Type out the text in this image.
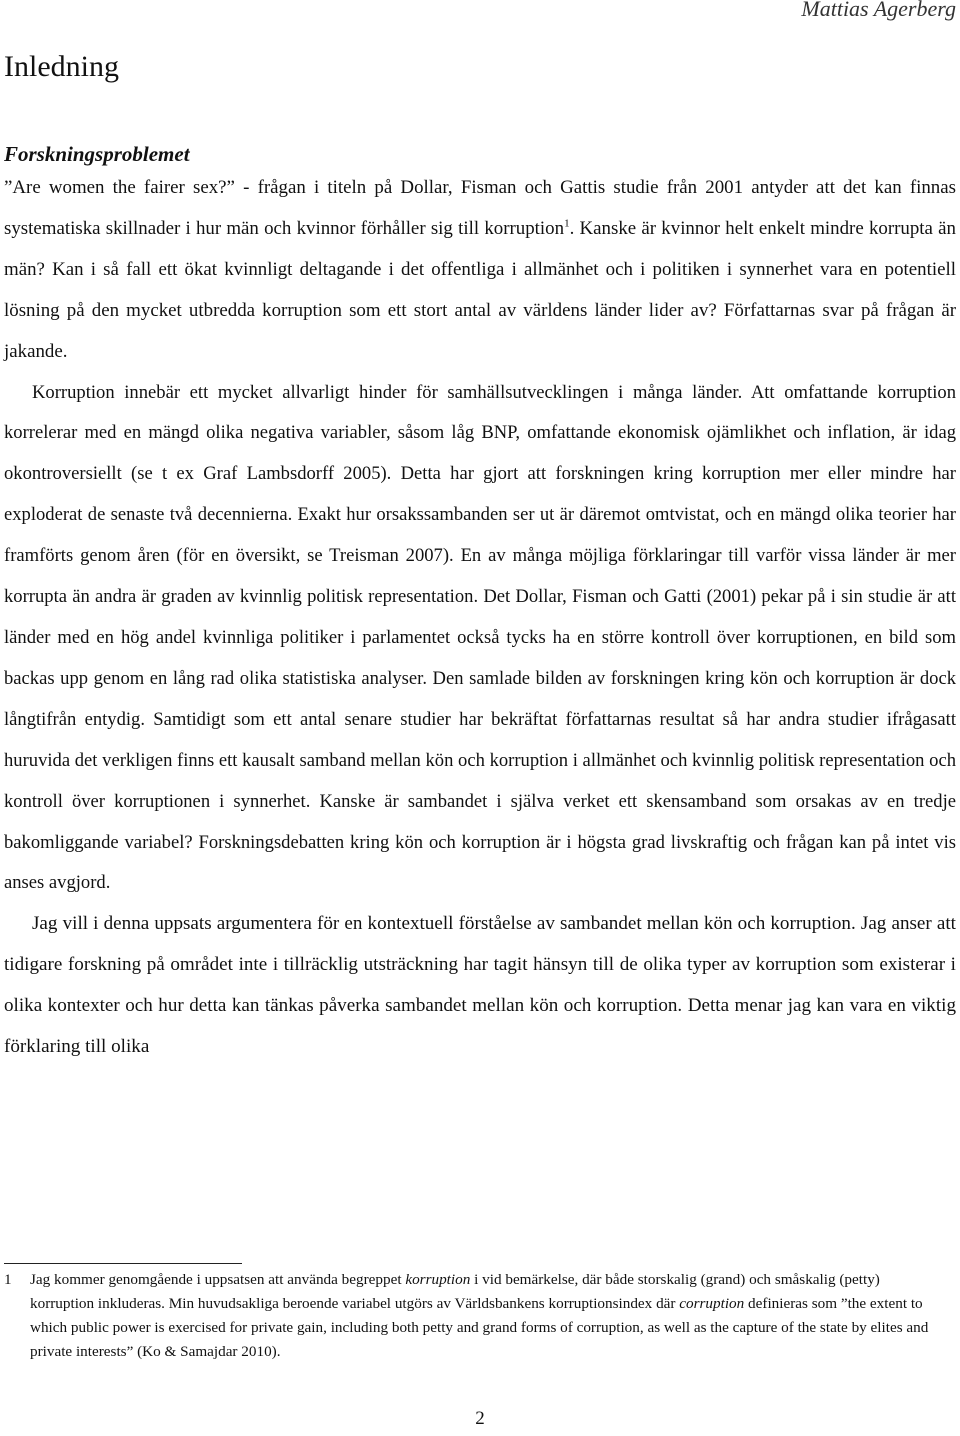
Mattias Agerberg
Inledning
Forskningsproblemet

”Are women the fairer sex?” - frågan i titeln på Dollar, Fisman och Gattis studie från 2001 antyder att det kan finnas systematiska skillnader i hur män och kvinnor förhåller sig till korruption$^1$. Kanske är kvinnor helt enkelt mindre korrupta än män? Kan i så fall ett ökat kvinnligt deltagande i det offentliga i allmänhet och i politiken i synnerhet vara en potentiell lösning på den mycket utbredda korruption som ett stort antal av världens länder lider av? Författarnas svar på frågan är jakande.

Korruption innebär ett mycket allvarligt hinder för samhällsutvecklingen i många länder. Att omfattande korruption korrelerar med en mängd olika negativa variabler, såsom låg BNP, omfattande ekonomisk ojämlikhet och inflation, är idag okontroversiellt (se t ex Graf Lambsdorff 2005). Detta har gjort att forskningen kring korruption mer eller mindre har exploderat de senaste två decennierna. Exakt hur orsakssambanden ser ut är däremot omtvistat, och en mängd olika teorier har framförts genom åren (för en översikt, se Treisman 2007). En av många möjliga förklaringar till varför vissa länder är mer korrupta än andra är graden av kvinnlig politisk representation. Det Dollar, Fisman och Gatti (2001) pekar på i sin studie är att länder med en hög andel kvinnliga politiker i parlamentet också tycks ha en större kontroll över korruptionen, en bild som backas upp genom en lång rad olika statistiska analyser. Den samlade bilden av forskningen kring kön och korruption är dock långtifrån entydig. Samtidigt som ett antal senare studier har bekräftat författarnas resultat så har andra studier ifrågasatt huruvida det verkligen finns ett kausalt samband mellan kön och korruption i allmänhet och kvinnlig politisk representation och kontroll över korruptionen i synnerhet. Kanske är sambandet i själva verket ett skensamband som orsakas av en tredje bakomliggande variabel? Forskningsdebatten kring kön och korruption är i högsta grad livskraftig och frågan kan på intet vis anses avgjord.

Jag vill i denna uppsats argumentera för en kontextuell förståelse av sambandet mellan kön och korruption. Jag anser att tidigare forskning på området inte i tillräcklig utsträckning har tagit hänsyn till de olika typer av korruption som existerar i olika kontexter och hur detta kan tänkas påverka sambandet mellan kön och korruption. Detta menar jag kan vara en viktig förklaring till olika

1	Jag kommer genomgående i uppsatsen att använda begreppet korruption i vid bemärkelse, där både storskalig (grand) och småskalig (petty) korruption inkluderas. Min huvudsakliga beroende variabel utgörs av Världsbankens korruptionsindex där corruption definieras som ”the extent to which public power is exercised for private gain, including both petty and grand forms of corruption, as well as the capture of the state by elites and private interests” (Ko & Samajdar 2010).
2
